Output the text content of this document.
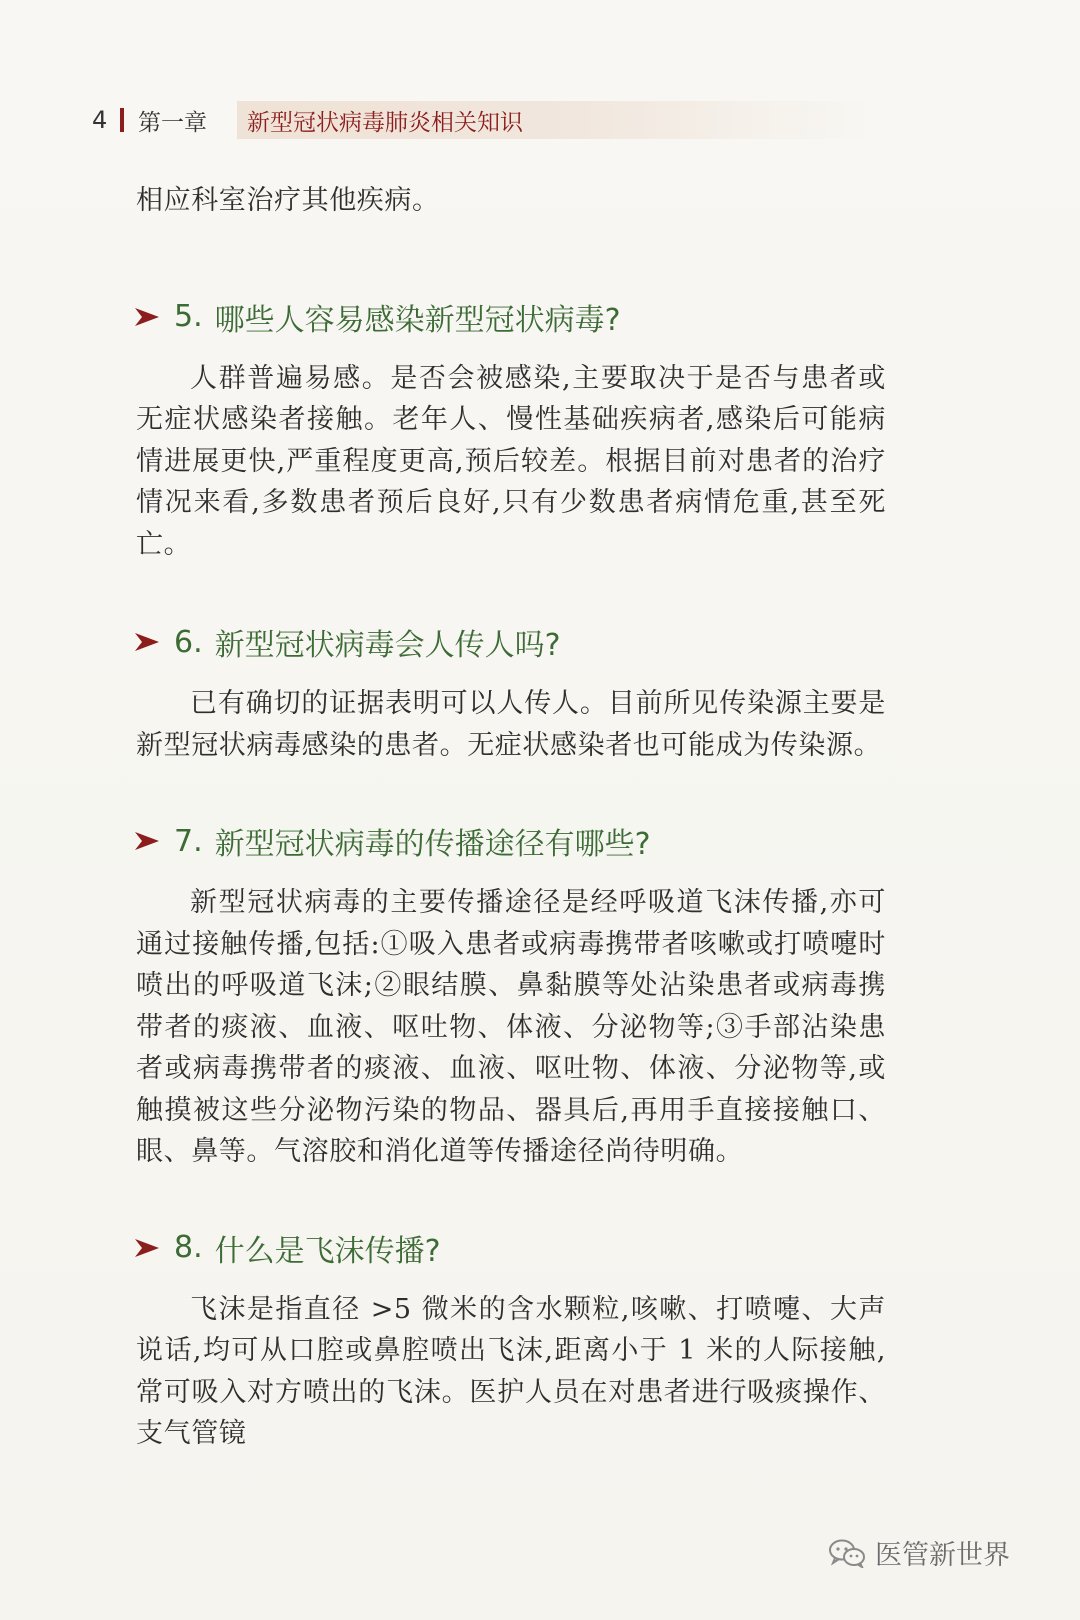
4 第一章 新型冠状病毒肺炎相关知识

相应科室治疗其他疾病。

5. 哪些人容易感染新型冠状病毒?

人群普遍易感。是否会被感染,主要取决于是否与患者或无症状感染者接触。老年人、慢性基础疾病者,感染后可能病情进展更快,严重程度更高,预后较差。根据目前对患者的治疗情况来看,多数患者预后良好,只有少数患者病情危重,甚至死亡。

6. 新型冠状病毒会人传人吗?

已有确切的证据表明可以人传人。目前所见传染源主要是新型冠状病毒感染的患者。无症状感染者也可能成为传染源。

7. 新型冠状病毒的传播途径有哪些?

新型冠状病毒的主要传播途径是经呼吸道飞沫传播,亦可通过接触传播,包括:①吸入患者或病毒携带者咳嗽或打喷嚏时喷出的呼吸道飞沫;②眼结膜、鼻黏膜等处沾染患者或病毒携带者的痰液、血液、呕吐物、体液、分泌物等;③手部沾染患者或病毒携带者的痰液、血液、呕吐物、体液、分泌物等,或触摸被这些分泌物污染的物品、器具后,再用手直接接触口、眼、鼻等。气溶胶和消化道等传播途径尚待明确。

8. 什么是飞沫传播?

飞沫是指直径 >5 微米的含水颗粒,咳嗽、打喷嚏、大声说话,均可从口腔或鼻腔喷出飞沫,距离小于 1 米的人际接触,常可吸入对方喷出的飞沫。医护人员在对患者进行吸痰操作、支气管镜

医管新世界
